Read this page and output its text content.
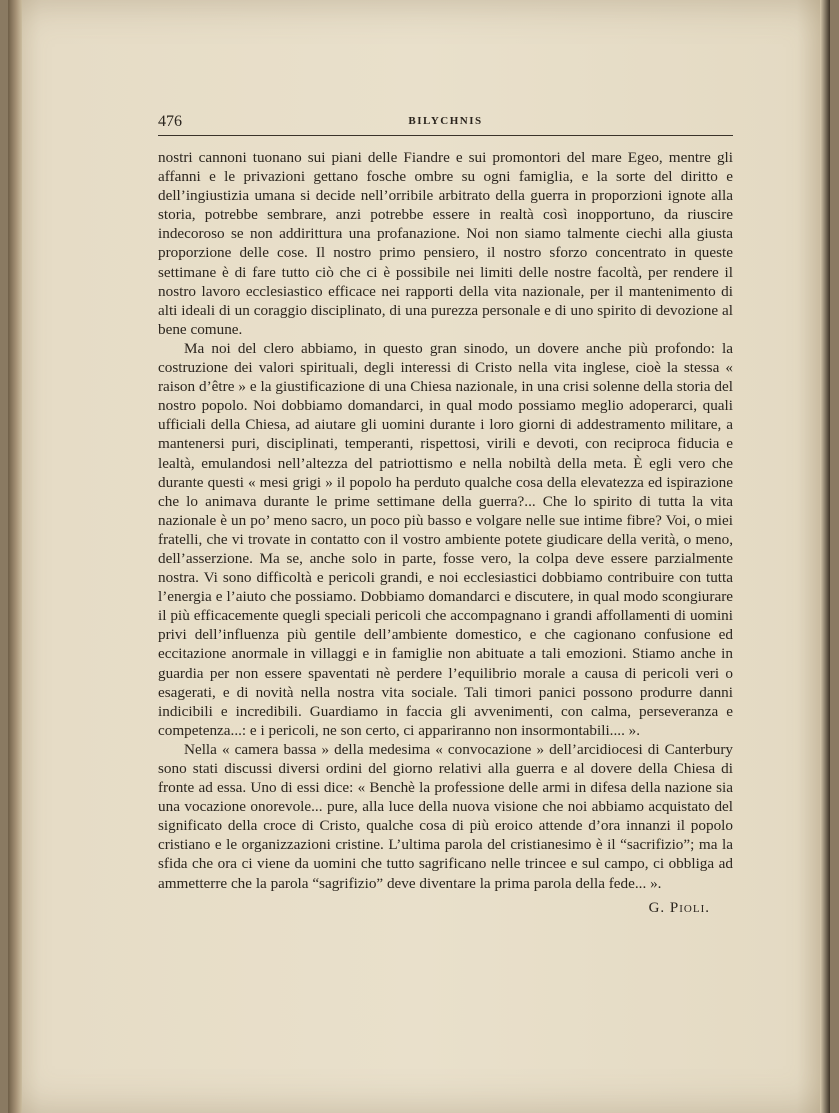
476	BILYCHNIS

nostri cannoni tuonano sui piani delle Fiandre e sui promontori del mare Egeo, mentre gli affanni e le privazioni gettano fosche ombre su ogni famiglia, e la sorte del diritto e dell’ingiustizia umana si decide nell’orribile arbitrato della guerra in proporzioni ignote alla storia, potrebbe sembrare, anzi potrebbe essere in realtà così inopportuno, da riuscire indecoroso se non addirittura una profanazione. Noi non siamo talmente ciechi alla giusta proporzione delle cose. Il nostro primo pensiero, il nostro sforzo concentrato in queste settimane è di fare tutto ciò che ci è possibile nei limiti delle nostre facoltà, per rendere il nostro lavoro ecclesiastico efficace nei rapporti della vita nazionale, per il mantenimento di alti ideali di un coraggio disciplinato, di una purezza personale e di uno spirito di devozione al bene comune.

Ma noi del clero abbiamo, in questo gran sinodo, un dovere anche più profondo: la costruzione dei valori spirituali, degli interessi di Cristo nella vita inglese, cioè la stessa « raison d’être » e la giustificazione di una Chiesa nazionale, in una crisi solenne della storia del nostro popolo. Noi dobbiamo domandarci, in qual modo possiamo meglio adoperarci, quali ufficiali della Chiesa, ad aiutare gli uomini durante i loro giorni di addestramento militare, a mantenersi puri, disciplinati, temperanti, rispettosi, virili e devoti, con reciproca fiducia e lealtà, emulandosi nell’altezza del patriottismo e nella nobiltà della meta. È egli vero che durante questi « mesi grigi » il popolo ha perduto qualche cosa della elevatezza ed ispirazione che lo animava durante le prime settimane della guerra?... Che lo spirito di tutta la vita nazionale è un po’ meno sacro, un poco più basso e volgare nelle sue intime fibre? Voi, o miei fratelli, che vi trovate in contatto con il vostro ambiente potete giudicare della verità, o meno, dell’asserzione. Ma se, anche solo in parte, fosse vero, la colpa deve essere parzialmente nostra. Vi sono difficoltà e pericoli grandi, e noi ecclesiastici dobbiamo contribuire con tutta l’energia e l’aiuto che possiamo. Dobbiamo domandarci e discutere, in qual modo scongiurare il più efficacemente quegli speciali pericoli che accompagnano i grandi affollamenti di uomini privi dell’influenza più gentile dell’ambiente domestico, e che cagionano confusione ed eccitazione anormale in villaggi e in famiglie non abituate a tali emozioni. Stiamo anche in guardia per non essere spaventati nè perdere l’equilibrio morale a causa di pericoli veri o esagerati, e di novità nella nostra vita sociale. Tali timori panici possono produrre danni indicibili e incredibili. Guardiamo in faccia gli avvenimenti, con calma, perseveranza e competenza...: e i pericoli, ne son certo, ci appariranno non insormontabili.... ».

Nella « camera bassa » della medesima « convocazione » dell’arcidiocesi di Canterbury sono stati discussi diversi ordini del giorno relativi alla guerra e al dovere della Chiesa di fronte ad essa. Uno di essi dice: « Benchè la professione delle armi in difesa della nazione sia una vocazione onorevole... pure, alla luce della nuova visione che noi abbiamo acquistato del significato della croce di Cristo, qualche cosa di più eroico attende d’ora innanzi il popolo cristiano e le organizzazioni cristine. L’ultima parola del cristianesimo è il “sacrifizio”; ma la sfida che ora ci viene da uomini che tutto sagrificano nelle trincee e sul campo, ci obbliga ad ammetterre che la parola “sagrifizio” deve diventare la prima parola della fede... ».

G. Pioli.
